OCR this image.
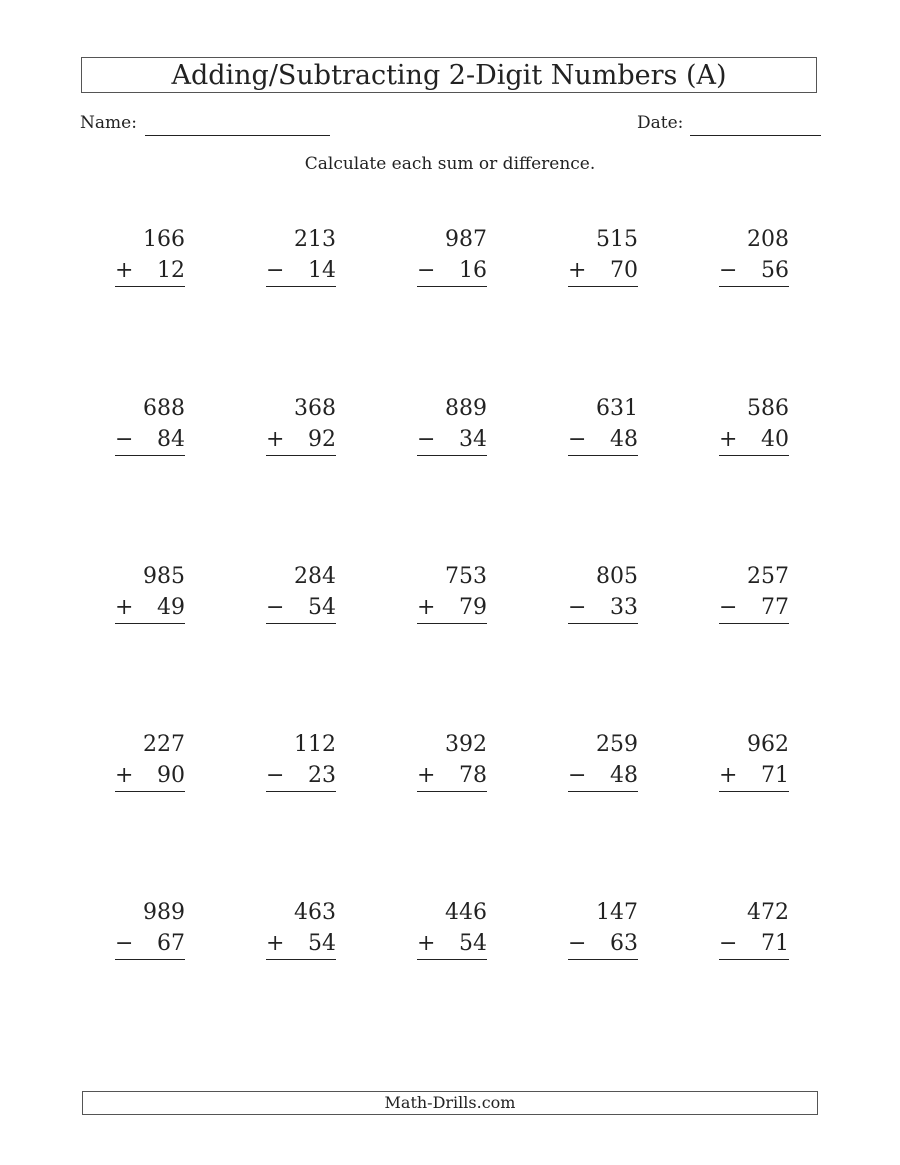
Adding/Subtracting 2-Digit Numbers (A)
Name:	Date:
Calculate each sum or difference.
166
+ 12
213
− 14
987
− 16
515
+ 70
208
− 56
688
− 84
368
+ 92
889
− 34
631
− 48
586
+ 40
985
+ 49
284
− 54
753
+ 79
805
− 33
257
− 77
227
+ 90
112
− 23
392
+ 78
259
− 48
962
+ 71
989
− 67
463
+ 54
446
+ 54
147
− 63
472
− 71
Math-Drills.com
